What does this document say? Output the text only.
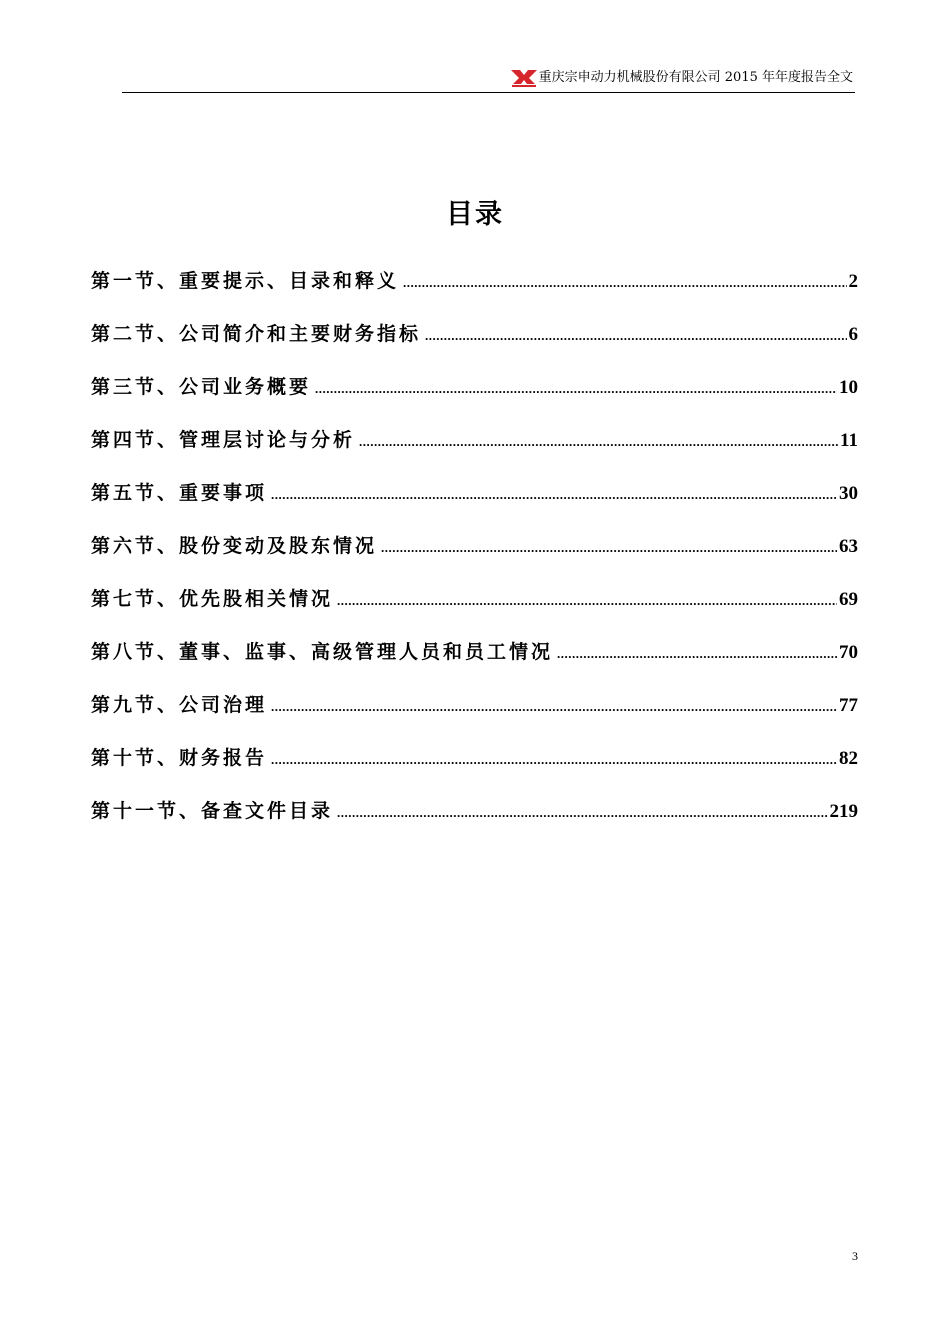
重庆宗申动力机械股份有限公司 2015 年年度报告全文
目录
第一节、重要提示、目录和释义 .....	2
第二节、公司简介和主要财务指标 .....	6
第三节、公司业务概要 .....	10
第四节、管理层讨论与分析 .....	11
第五节、重要事项 .....	30
第六节、股份变动及股东情况 .....	63
第七节、优先股相关情况 .....	69
第八节、董事、监事、高级管理人员和员工情况 .....	70
第九节、公司治理 .....	77
第十节、财务报告 .....	82
第十一节、备查文件目录 .....	219
3
